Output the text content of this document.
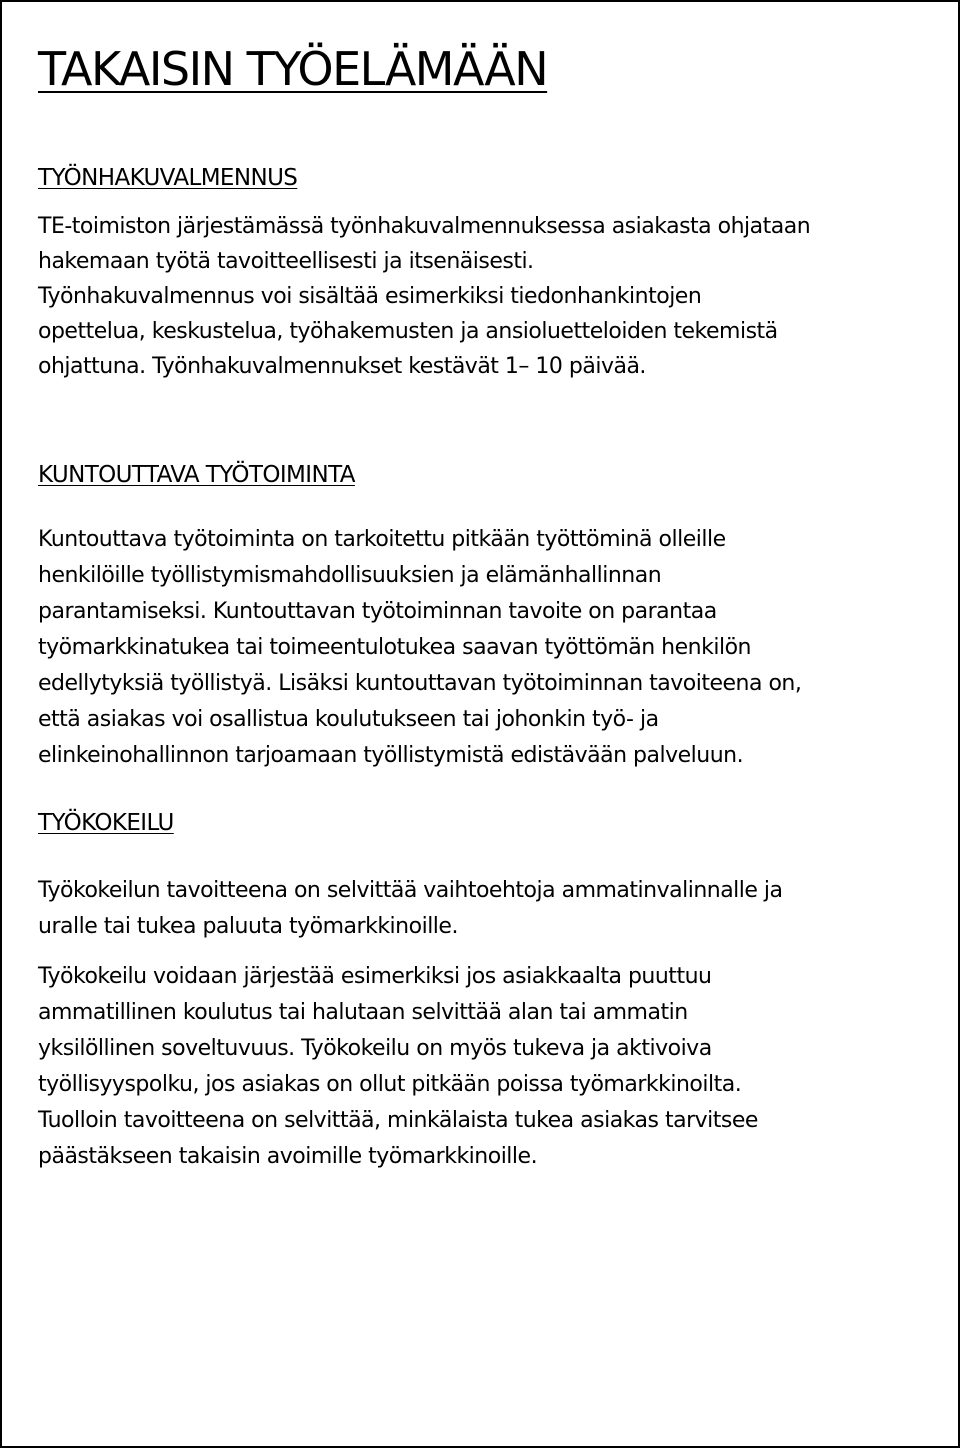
TAKAISIN TYÖELÄMÄÄN
TYÖNHAKUVALMENNUS

TE-toimiston järjestämässä työnhakuvalmennuksessa asiakasta ohjataan
hakemaan työtä tavoitteellisesti ja itsenäisesti.
Työnhakuvalmennus voi sisältää esimerkiksi tiedonhankintojen
opettelua, keskustelua, työhakemusten ja ansioluetteloiden tekemistä
ohjattuna. Työnhakuvalmennukset kestävät 1– 10 päivää.

KUNTOUTTAVA TYÖTOIMINTA

Kuntouttava työtoiminta on tarkoitettu pitkään työttöminä olleille
henkilöille työllistymismahdollisuuksien ja elämänhallinnan
parantamiseksi. Kuntouttavan työtoiminnan tavoite on parantaa
työmarkkinatukea tai toimeentulotukea saavan työttömän henkilön
edellytyksiä työllistyä. Lisäksi kuntouttavan työtoiminnan tavoiteena on,
että asiakas voi osallistua koulutukseen tai johonkin työ- ja
elinkeinohallinnon tarjoamaan työllistymistä edistävään palveluun.

TYÖKOKEILU

Työkokeilun tavoitteena on selvittää vaihtoehtoja ammatinvalinnalle ja
uralle tai tukea paluuta työmarkkinoille.

Työkokeilu voidaan järjestää esimerkiksi jos asiakkaalta puuttuu
ammatillinen koulutus tai halutaan selvittää alan tai ammatin
yksilöllinen soveltuvuus. Työkokeilu on myös tukeva ja aktivoiva
työllisyyspolku, jos asiakas on ollut pitkään poissa työmarkkinoilta.
Tuolloin tavoitteena on selvittää, minkälaista tukea asiakas tarvitsee
päästäkseen takaisin avoimille työmarkkinoille.
